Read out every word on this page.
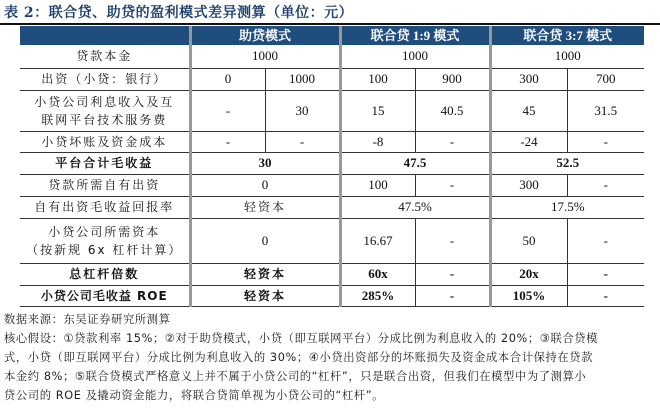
表 2：联合贷、助贷的盈利模式差异测算（单位：元）
	助贷模式		联合贷 1:9 模式		联合贷 3:7 模式	
贷款本金	1000		1000		1000	
出资（小贷：银行）	0	1000	100	900	300	700

小贷公司利息收入及互
联网平台技术服务费	-	30	15	40.5	45	31.5
小贷坏账及资金成本	-	-	-8	-	-24	-
平台合计毛收益	30		47.5		52.5	
贷款所需自有出资	0		100	-	300	-
自有出资毛收益回报率	轻资本		47.5%		17.5%	

小贷公司所需资本
（按新规 6x 杠杆计算）	0		16.67	-	50	-
总杠杆倍数	轻资本		60x	-	20x	-
小贷公司毛收益 ROE	轻资本		285%	-	105%	-

数据来源：东吴证券研究所测算

核心假设：①贷款利率 15%；②对于助贷模式，小贷（即互联网平台）分成比例为利息收入的 20%；③联合贷模

式，小贷（即互联网平台）分成比例为利息收入的 30%；④小贷出资部分的坏账损失及资金成本合计保持在贷款

本金约 8%；⑤联合贷模式严格意义上并不属于小贷公司的“杠杆”，只是联合出资，但我们在模型中为了测算小

贷公司的 ROE 及撬动资金能力，将联合贷简单视为小贷公司的“杠杆”。
